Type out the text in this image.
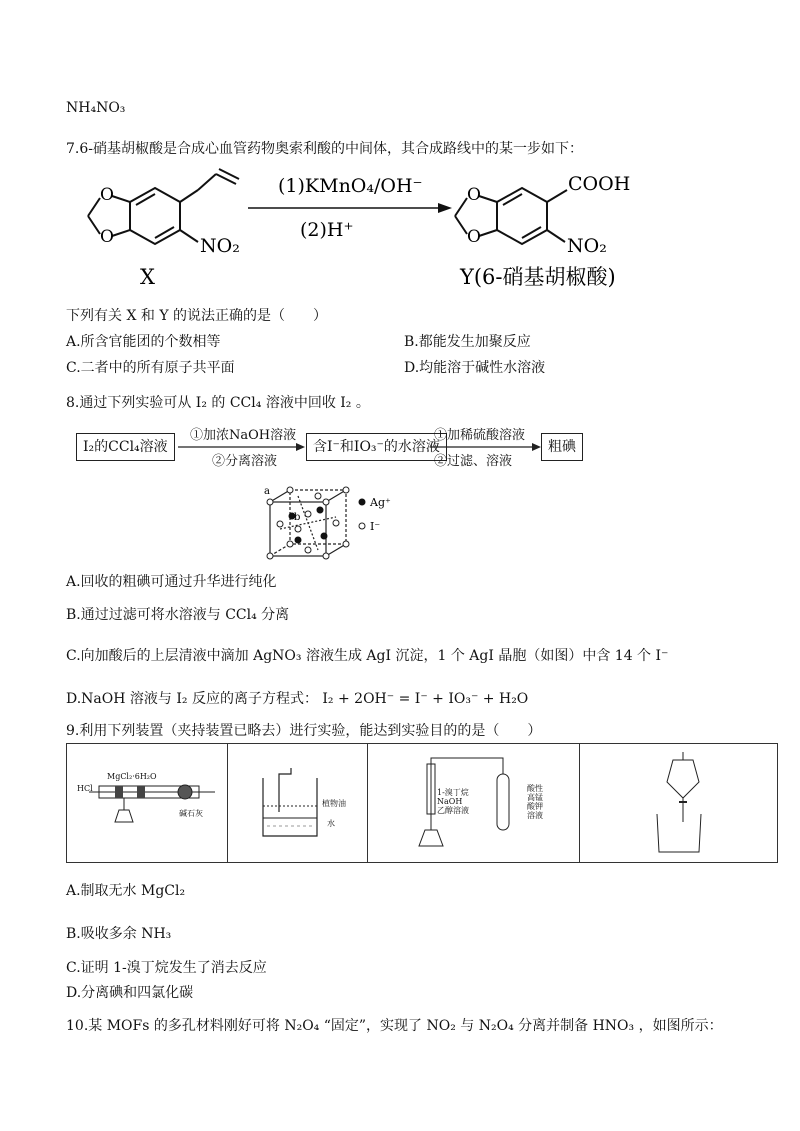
NH₄NO₃
7.6-硝基胡椒酸是合成心血管药物奥索利酸的中间体，其合成路线中的某一步如下：
O
O	NO₂
X
(1)KMnO₄/OH⁻
(2)H⁺
O
O
COOH
NO₂
Y(6-硝基胡椒酸)
下列有关 X 和 Y 的说法正确的是（　　）
A.所含官能团的个数相等	B.都能发生加聚反应
C.二者中的所有原子共平面	D.均能溶于碱性水溶液
8.通过下列实验可从 I₂ 的 CCl₄ 溶液中回收 I₂ 。
I₂的CCl₄溶液
①加浓NaOH溶液
②分离溶液
含I⁻和IO₃⁻的水溶液
①加稀硫酸溶液
②过滤、溶液
粗碘
a
b
Ag⁺
I⁻
A.回收的粗碘可通过升华进行纯化
B.通过过滤可将水溶液与 CCl₄ 分离
C.向加酸后的上层清液中滴加 AgNO₃ 溶液生成 AgI 沉淀，1 个 AgI 晶胞（如图）中含 14 个 I⁻
D.NaOH 溶液与 I₂ 反应的离子方程式： I₂ + 2OH⁻ = I⁻ + IO₃⁻ + H₂O
9.利用下列装置（夹持装置已略去）进行实验，能达到实验目的的是（　　）
HCl
MgCl₂·6H₂O
碱石灰
植物油
水
1-溴丁烷
NaOH
乙醇溶液
酸性
高锰
酸钾
溶液
A.制取无水 MgCl₂
B.吸收多余 NH₃
C.证明 1-溴丁烷发生了消去反应
D.分离碘和四氯化碳
10.某 MOFs 的多孔材料刚好可将 N₂O₄ “固定”，实现了 NO₂ 与 N₂O₄ 分离并制备 HNO₃ ，如图所示：
